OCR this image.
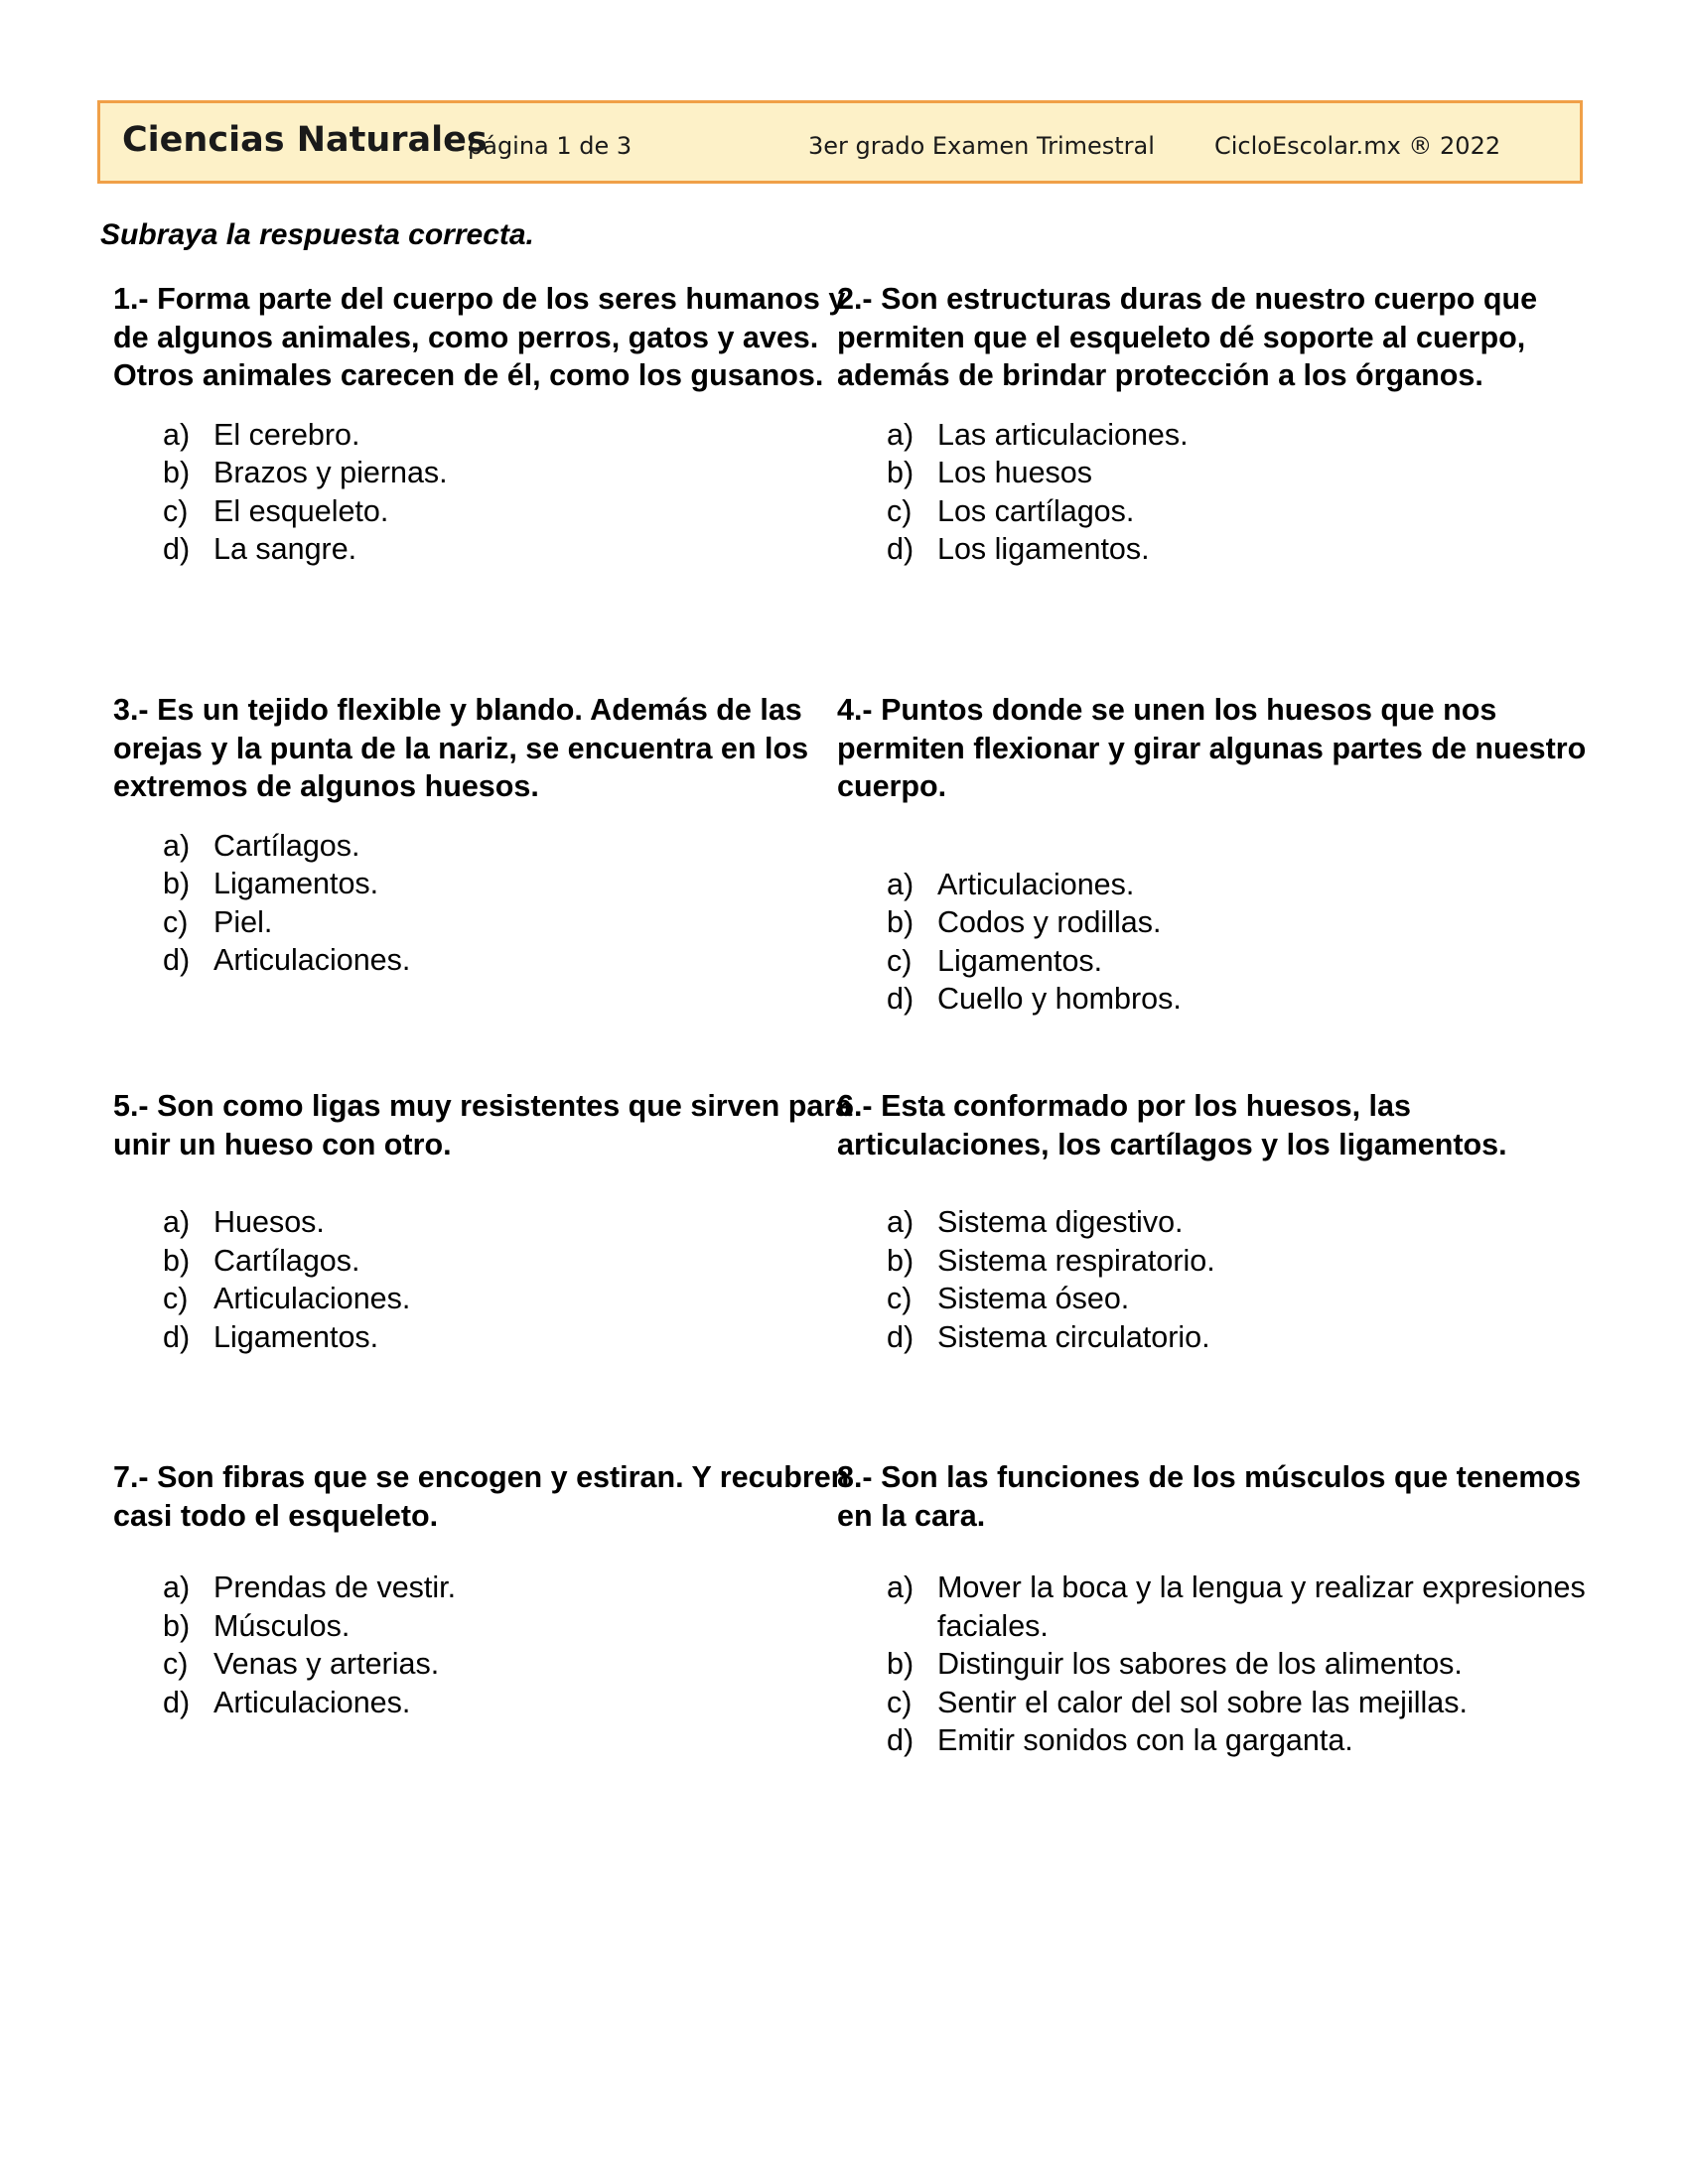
Ciencias Naturales
página 1 de 3	3er grado Examen Trimestral	CicloEscolar.mx ® 2022
Subraya la respuesta correcta.

1.- Forma parte del cuerpo de los seres humanos y de algunos animales, como perros, gatos y aves. Otros animales carecen de él, como los gusanos.

a) El cerebro.
b) Brazos y piernas.
c) El esqueleto.
d) La sangre.

2.- Son estructuras duras de nuestro cuerpo que permiten que el esqueleto dé soporte al cuerpo, además de brindar protección a los órganos.

a) Las articulaciones.
b) Los huesos
c) Los cartílagos.
d) Los ligamentos.

3.- Es un tejido flexible y blando. Además de las orejas y la punta de la nariz, se encuentra en los extremos de algunos huesos.

a) Cartílagos.
b) Ligamentos.
c) Piel.
d) Articulaciones.

4.- Puntos donde se unen los huesos que nos permiten flexionar y girar algunas partes de nuestro cuerpo.

a) Articulaciones.
b) Codos y rodillas.
c) Ligamentos.
d) Cuello y hombros.

5.- Son como ligas muy resistentes que sirven para unir un hueso con otro.

a) Huesos.
b) Cartílagos.
c) Articulaciones.
d) Ligamentos.

6.- Esta conformado por los huesos, las articulaciones, los cartílagos y los ligamentos.

a) Sistema digestivo.
b) Sistema respiratorio.
c) Sistema óseo.
d) Sistema circulatorio.

7.- Son fibras que se encogen y estiran. Y recubren casi todo el esqueleto.

a) Prendas de vestir.
b) Músculos.
c) Venas y arterias.
d) Articulaciones.

8.- Son las funciones de los músculos que tenemos en la cara.

a) Mover la boca y la lengua y realizar expresiones faciales.
b) Distinguir los sabores de los alimentos.
c) Sentir el calor del sol sobre las mejillas.
d) Emitir sonidos con la garganta.
